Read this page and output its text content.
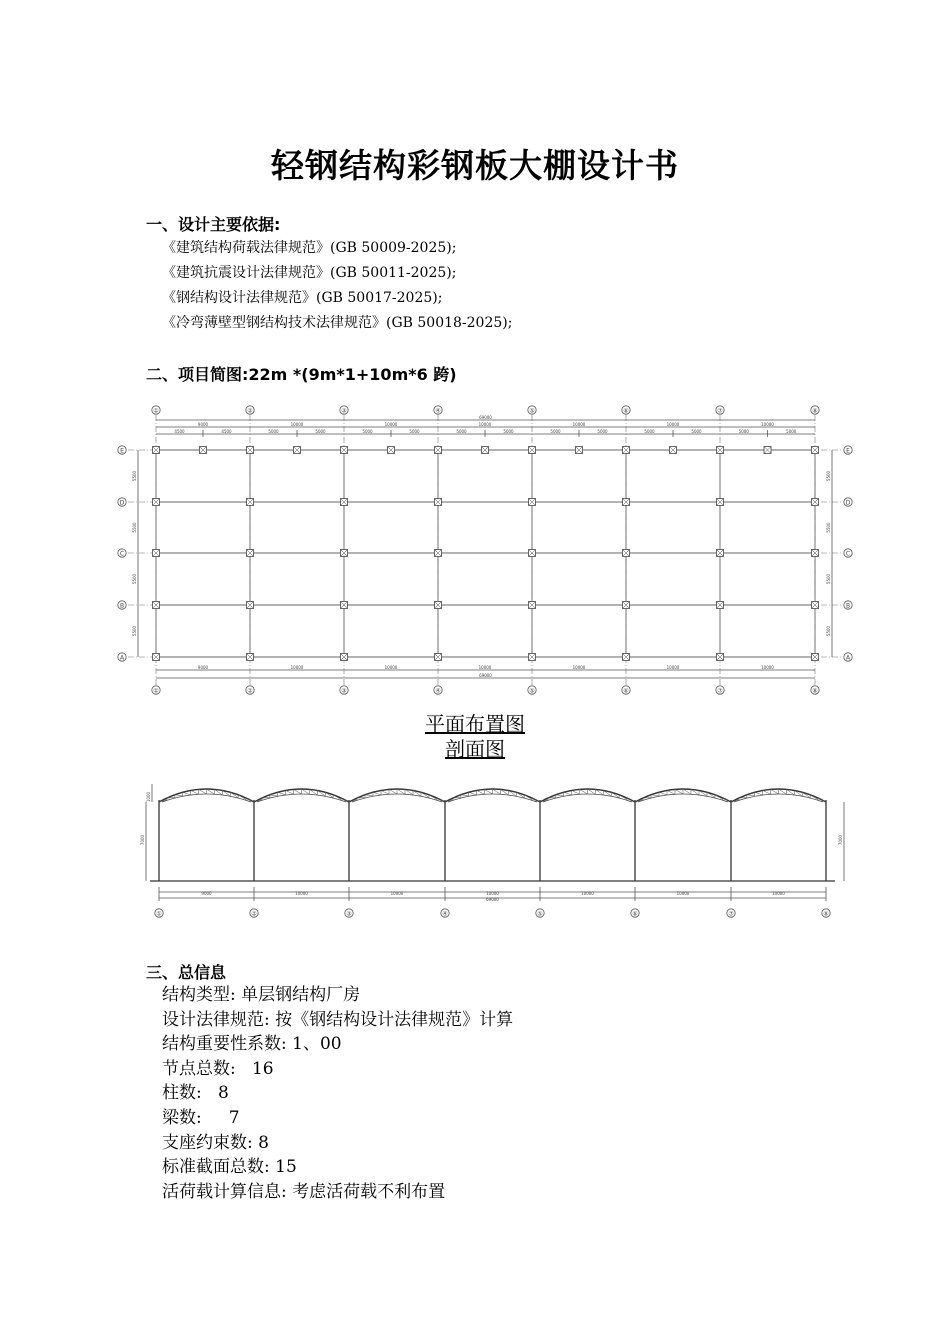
轻钢结构彩钢板大棚设计书
一、设计主要依据:
《建筑结构荷载法律规范》(GB 50009-2025);
《建筑抗震设计法律规范》(GB 50011-2025);
《钢结构设计法律规范》(GB 50017-2025);
《冷弯薄壁型钢结构技术法律规范》(GB 50018-2025);
二、项目简图:22m *(9m*1+10m*6 跨)
①
①
②
②
③
③
④
④
⑤
⑤
⑥
⑥
⑦
⑦
⑧
⑧
69000
9000	10000	10000	10000	10000	10000	10000
4500	4500	5000	5000	5000	5000	5000	5000	5000	5000	5000	5000	5000	5000
69000
9000	10000	10000	10000	10000	10000	10000
E	E
D	D
C	C
B	B
A	A
5500	5500
5500	5500
5500	5500
5500	5500
平面布置图
剖面图
9000	10000	10000	10000	10000	10000	10000
69000
①	②	③	④	⑤	⑥	⑦	⑧
7000	7000
1000
三、总信息
结构类型: 单层钢结构厂房
设计法律规范: 按《钢结构设计法律规范》计算
结构重要性系数: 1、00
节点总数:   16
柱数:   8
梁数:     7
支座约束数: 8
标准截面总数: 15
活荷载计算信息: 考虑活荷载不利布置
